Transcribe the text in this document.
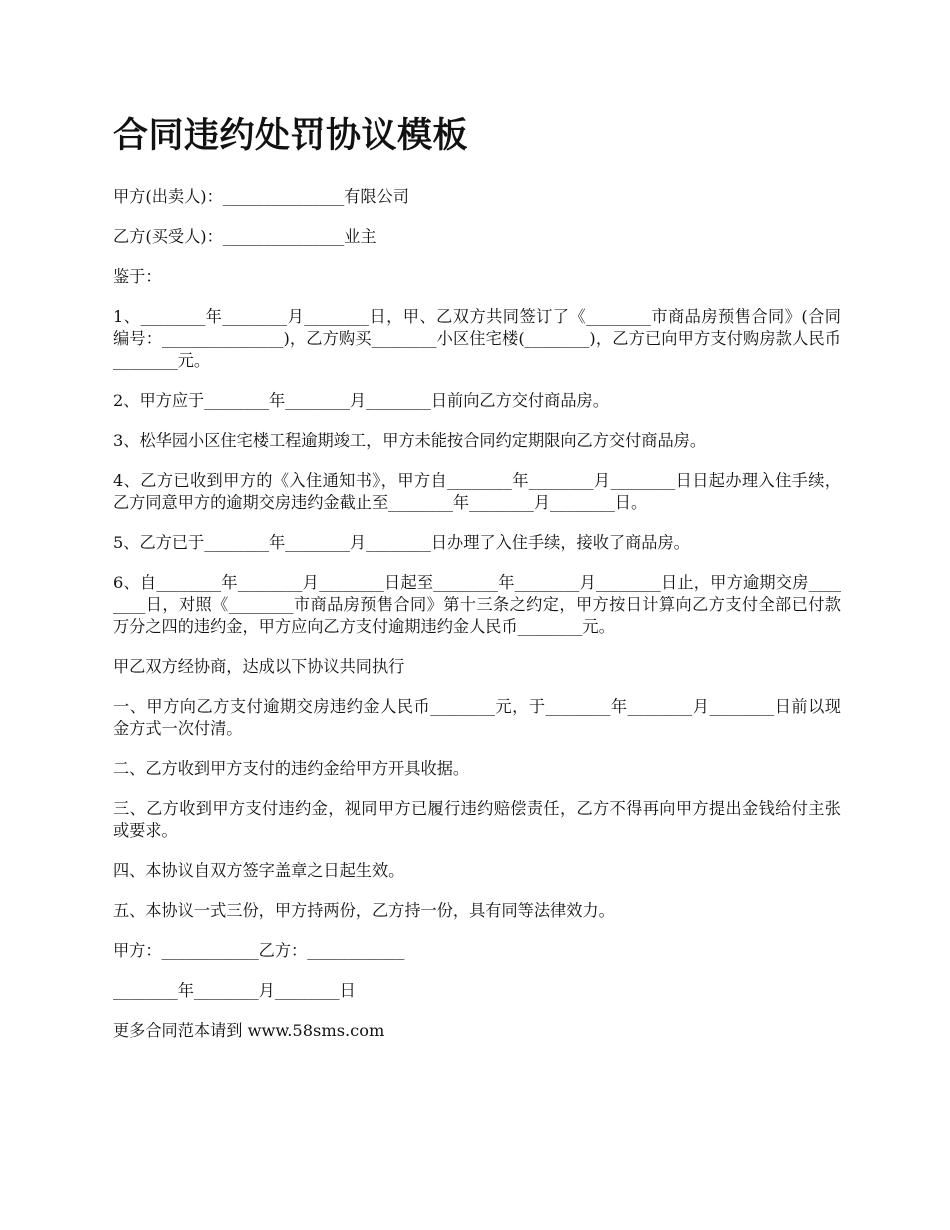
合同违约处罚协议模板

甲方(出卖人)：_______________有限公司

乙方(买受人)：_______________业主

鉴于：

1、________年________月________日，甲、乙双方共同签订了《________市商品房预售合同》(合同编号：_______________)，乙方购买________小区住宅楼(________)，乙方已向甲方支付购房款人民币________元。

2、甲方应于________年________月________日前向乙方交付商品房。

3、松华园小区住宅楼工程逾期竣工，甲方未能按合同约定期限向乙方交付商品房。

4、乙方已收到甲方的《入住通知书》，甲方自________年________月________日日起办理入住手续，乙方同意甲方的逾期交房违约金截止至________年________月________日。

5、乙方已于________年________月________日办理了入住手续，接收了商品房。

6、自________年________月________日起至________年________月________日止，甲方逾期交房________日，对照《________市商品房预售合同》第十三条之约定，甲方按日计算向乙方支付全部已付款万分之四的违约金，甲方应向乙方支付逾期违约金人民币________元。

甲乙双方经协商，达成以下协议共同执行

一、甲方向乙方支付逾期交房违约金人民币________元，于________年________月________日前以现金方式一次付清。

二、乙方收到甲方支付的违约金给甲方开具收据。

三、乙方收到甲方支付违约金，视同甲方已履行违约赔偿责任，乙方不得再向甲方提出金钱给付主张或要求。

四、本协议自双方签字盖章之日起生效。

五、本协议一式三份，甲方持两份，乙方持一份，具有同等法律效力。

甲方：____________乙方：____________

________年________月________日

更多合同范本请到 www.58sms.com
